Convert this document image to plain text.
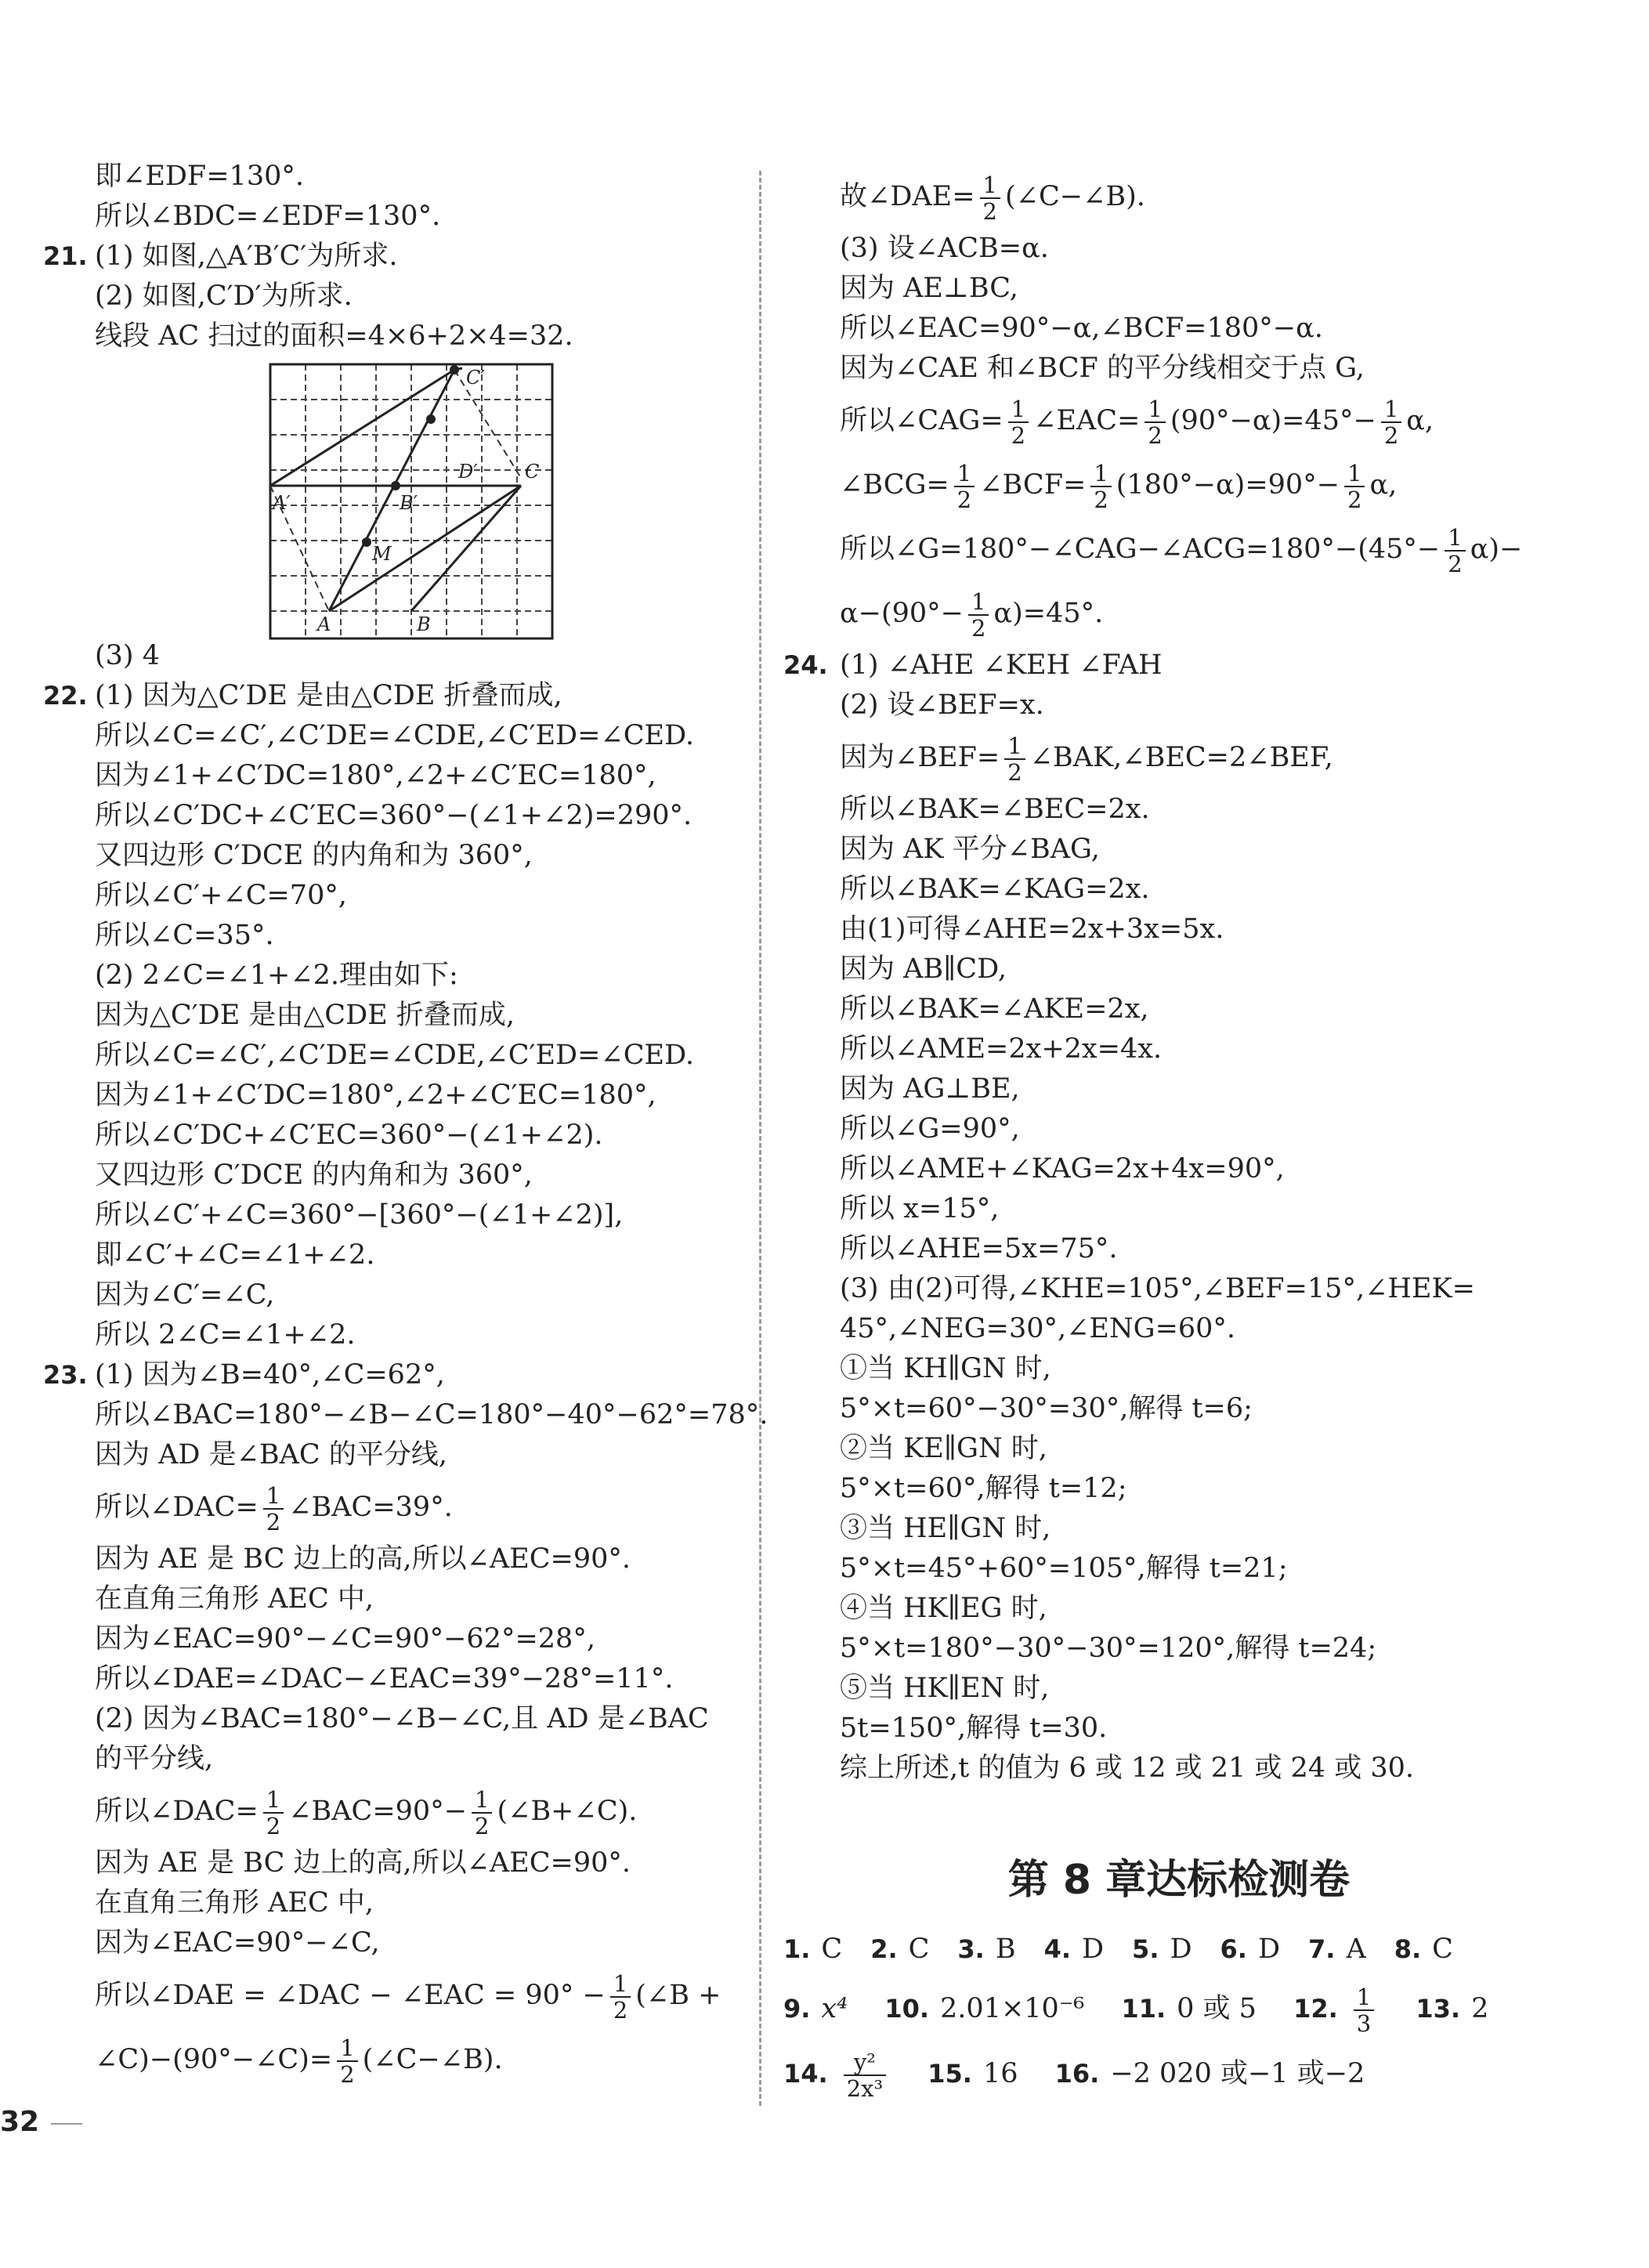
即∠EDF=130°.
所以∠BDC=∠EDF=130°.
21. (1) 如图,△A′B′C′为所求.
(2) 如图,C′D′为所求.
线段 AC 扫过的面积=4×6+2×4=32.
(3) 4
22. (1) 因为△C′DE 是由△CDE 折叠而成,
所以∠C=∠C′,∠C′DE=∠CDE,∠C′ED=∠CED.
因为∠1+∠C′DC=180°,∠2+∠C′EC=180°,
所以∠C′DC+∠C′EC=360°−(∠1+∠2)=290°.
又四边形 C′DCE 的内角和为 360°,
所以∠C′+∠C=70°,
所以∠C=35°.
(2) 2∠C=∠1+∠2.理由如下:
因为△C′DE 是由△CDE 折叠而成,
所以∠C=∠C′,∠C′DE=∠CDE,∠C′ED=∠CED.
因为∠1+∠C′DC=180°,∠2+∠C′EC=180°,
所以∠C′DC+∠C′EC=360°−(∠1+∠2).
又四边形 C′DCE 的内角和为 360°,
所以∠C′+∠C=360°−[360°−(∠1+∠2)],
即∠C′+∠C=∠1+∠2.
因为∠C′=∠C,
所以 2∠C=∠1+∠2.
23. (1) 因为∠B=40°,∠C=62°,
所以∠BAC=180°−∠B−∠C=180°−40°−62°=78°.
因为 AD 是∠BAC 的平分线,
所以∠DAC= $\frac{1}{2}$ ∠BAC=39°.
因为 AE 是 BC 边上的高,所以∠AEC=90°.
在直角三角形 AEC 中,
因为∠EAC=90°−∠C=90°−62°=28°,
所以∠DAE=∠DAC−∠EAC=39°−28°=11°.
(2) 因为∠BAC=180°−∠B−∠C,且 AD 是∠BAC
的平分线,
所以∠DAC= $\frac{1}{2}$ ∠BAC=90°− $\frac{1}{2}$ (∠B+∠C).
因为 AE 是 BC 边上的高,所以∠AEC=90°.
在直角三角形 AEC 中,
因为∠EAC=90°−∠C,
所以∠DAE = ∠DAC − ∠EAC = $90^\circ - \frac{1}{2}$ (∠B +
∠C)−(90°−∠C)= $\frac{1}{2}$ (∠C−∠B).
C′
D′	C
A′	B′
M
A	B
故∠DAE= $\frac{1}{2}$ (∠C−∠B).
(3) 设∠ACB=α.
因为 AE⊥BC,
所以∠EAC=90°−α,∠BCF=180°−α.
因为∠CAE 和∠BCF 的平分线相交于点 G,
所以∠CAG= $\frac{1}{2}$ ∠EAC= $\frac{1}{2} (90^\circ-\alpha)=45^\circ- \frac{1}{2} \alpha$,
∠BCG= $\frac{1}{2}$ ∠BCF= $\frac{1}{2} (180^\circ-\alpha)=90^\circ- \frac{1}{2} \alpha$,
所以∠G=180°−∠CAG−∠ACG=180°−(45°− $\frac{1}{2} \alpha)-$
$\alpha-(90^\circ- \frac{1}{2} \alpha)=45^\circ$.
24. (1) ∠AHE ∠KEH ∠FAH
(2) 设∠BEF=x.
因为∠BEF= $\frac{1}{2}$ ∠BAK,∠BEC=2∠BEF,
所以∠BAK=∠BEC=2x.
因为 AK 平分∠BAG,
所以∠BAK=∠KAG=2x.
由(1)可得∠AHE=2x+3x=5x.
因为 AB∥CD,
所以∠BAK=∠AKE=2x,
所以∠AME=2x+2x=4x.
因为 AG⊥BE,
所以∠G=90°,
所以∠AME+∠KAG=2x+4x=90°,
所以 x=15°,
所以∠AHE=5x=75°.
(3) 由(2)可得,∠KHE=105°,∠BEF=15°,∠HEK=
45°,∠NEG=30°,∠ENG=60°.
①当 KH∥GN 时,
5°×t=60°−30°=30°,解得 t=6;
②当 KE∥GN 时,
5°×t=60°,解得 t=12;
③当 HE∥GN 时,
5°×t=45°+60°=105°,解得 t=21;
④当 HK∥EG 时,
5°×t=180°−30°−30°=120°,解得 t=24;
⑤当 HK∥EN 时,
5t=150°,解得 t=30.
综上所述,t 的值为 6 或 12 或 21 或 24 或 30.
第 8 章达标检测卷
1. C 2. C 3. B 4. D 5. D 6. D 7. A 8. C
9. x⁴ 10. 2.01×10⁻⁶ 11. 0 或 5 12. $\frac{1}{3} 13$. 2
14. $\frac{\text{y²}}{\text{2x³}} 15$. 16 16. −2 020 或−1 或−2
32
